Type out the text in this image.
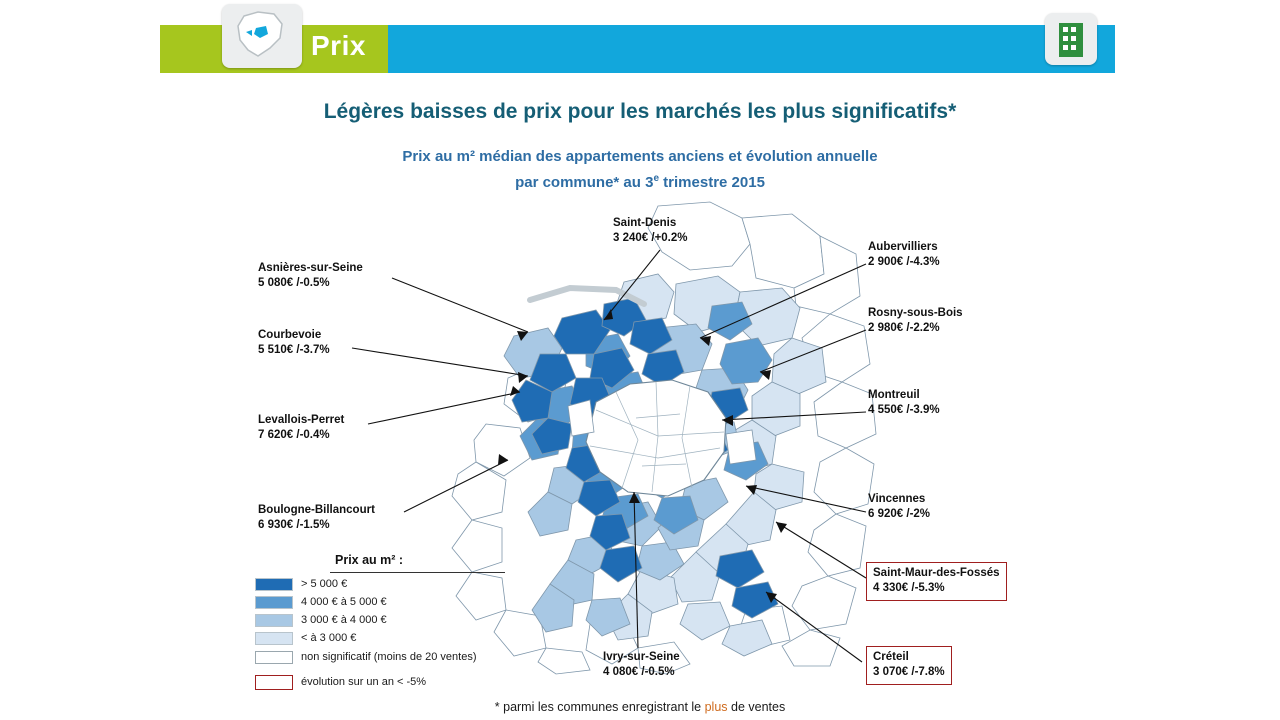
Prix
Légères baisses de prix pour les marchés les plus significatifs*
Prix au m² médian des appartements anciens et évolution annuelle
par commune* au 3e trimestre 2015
Saint-Denis
3 240€ /+0.2%
Aubervilliers
2 900€ /-4.3%
Asnières-sur-Seine
5 080€ /-0.5%
Rosny-sous-Bois
2 980€ /-2.2%
Courbevoie
5 510€ /-3.7%
Montreuil
4 550€ /-3.9%
Levallois-Perret
7 620€ /-0.4%
Boulogne-Billancourt
6 930€ /-1.5%
Vincennes
6 920€ /-2%
Saint-Maur-des-Fossés
4 330€ /-5.3%
Créteil
3 070€ /-7.8%
Ivry-sur-Seine
4 080€ /-0.5%
Prix au m² :
> 5 000 €
4 000 € à 5 000 €
3 000 € à 4 000 €
< à 3 000 €
non significatif (moins de 20 ventes)
évolution sur un an < -5%
* parmi les communes enregistrant le plus de ventes
